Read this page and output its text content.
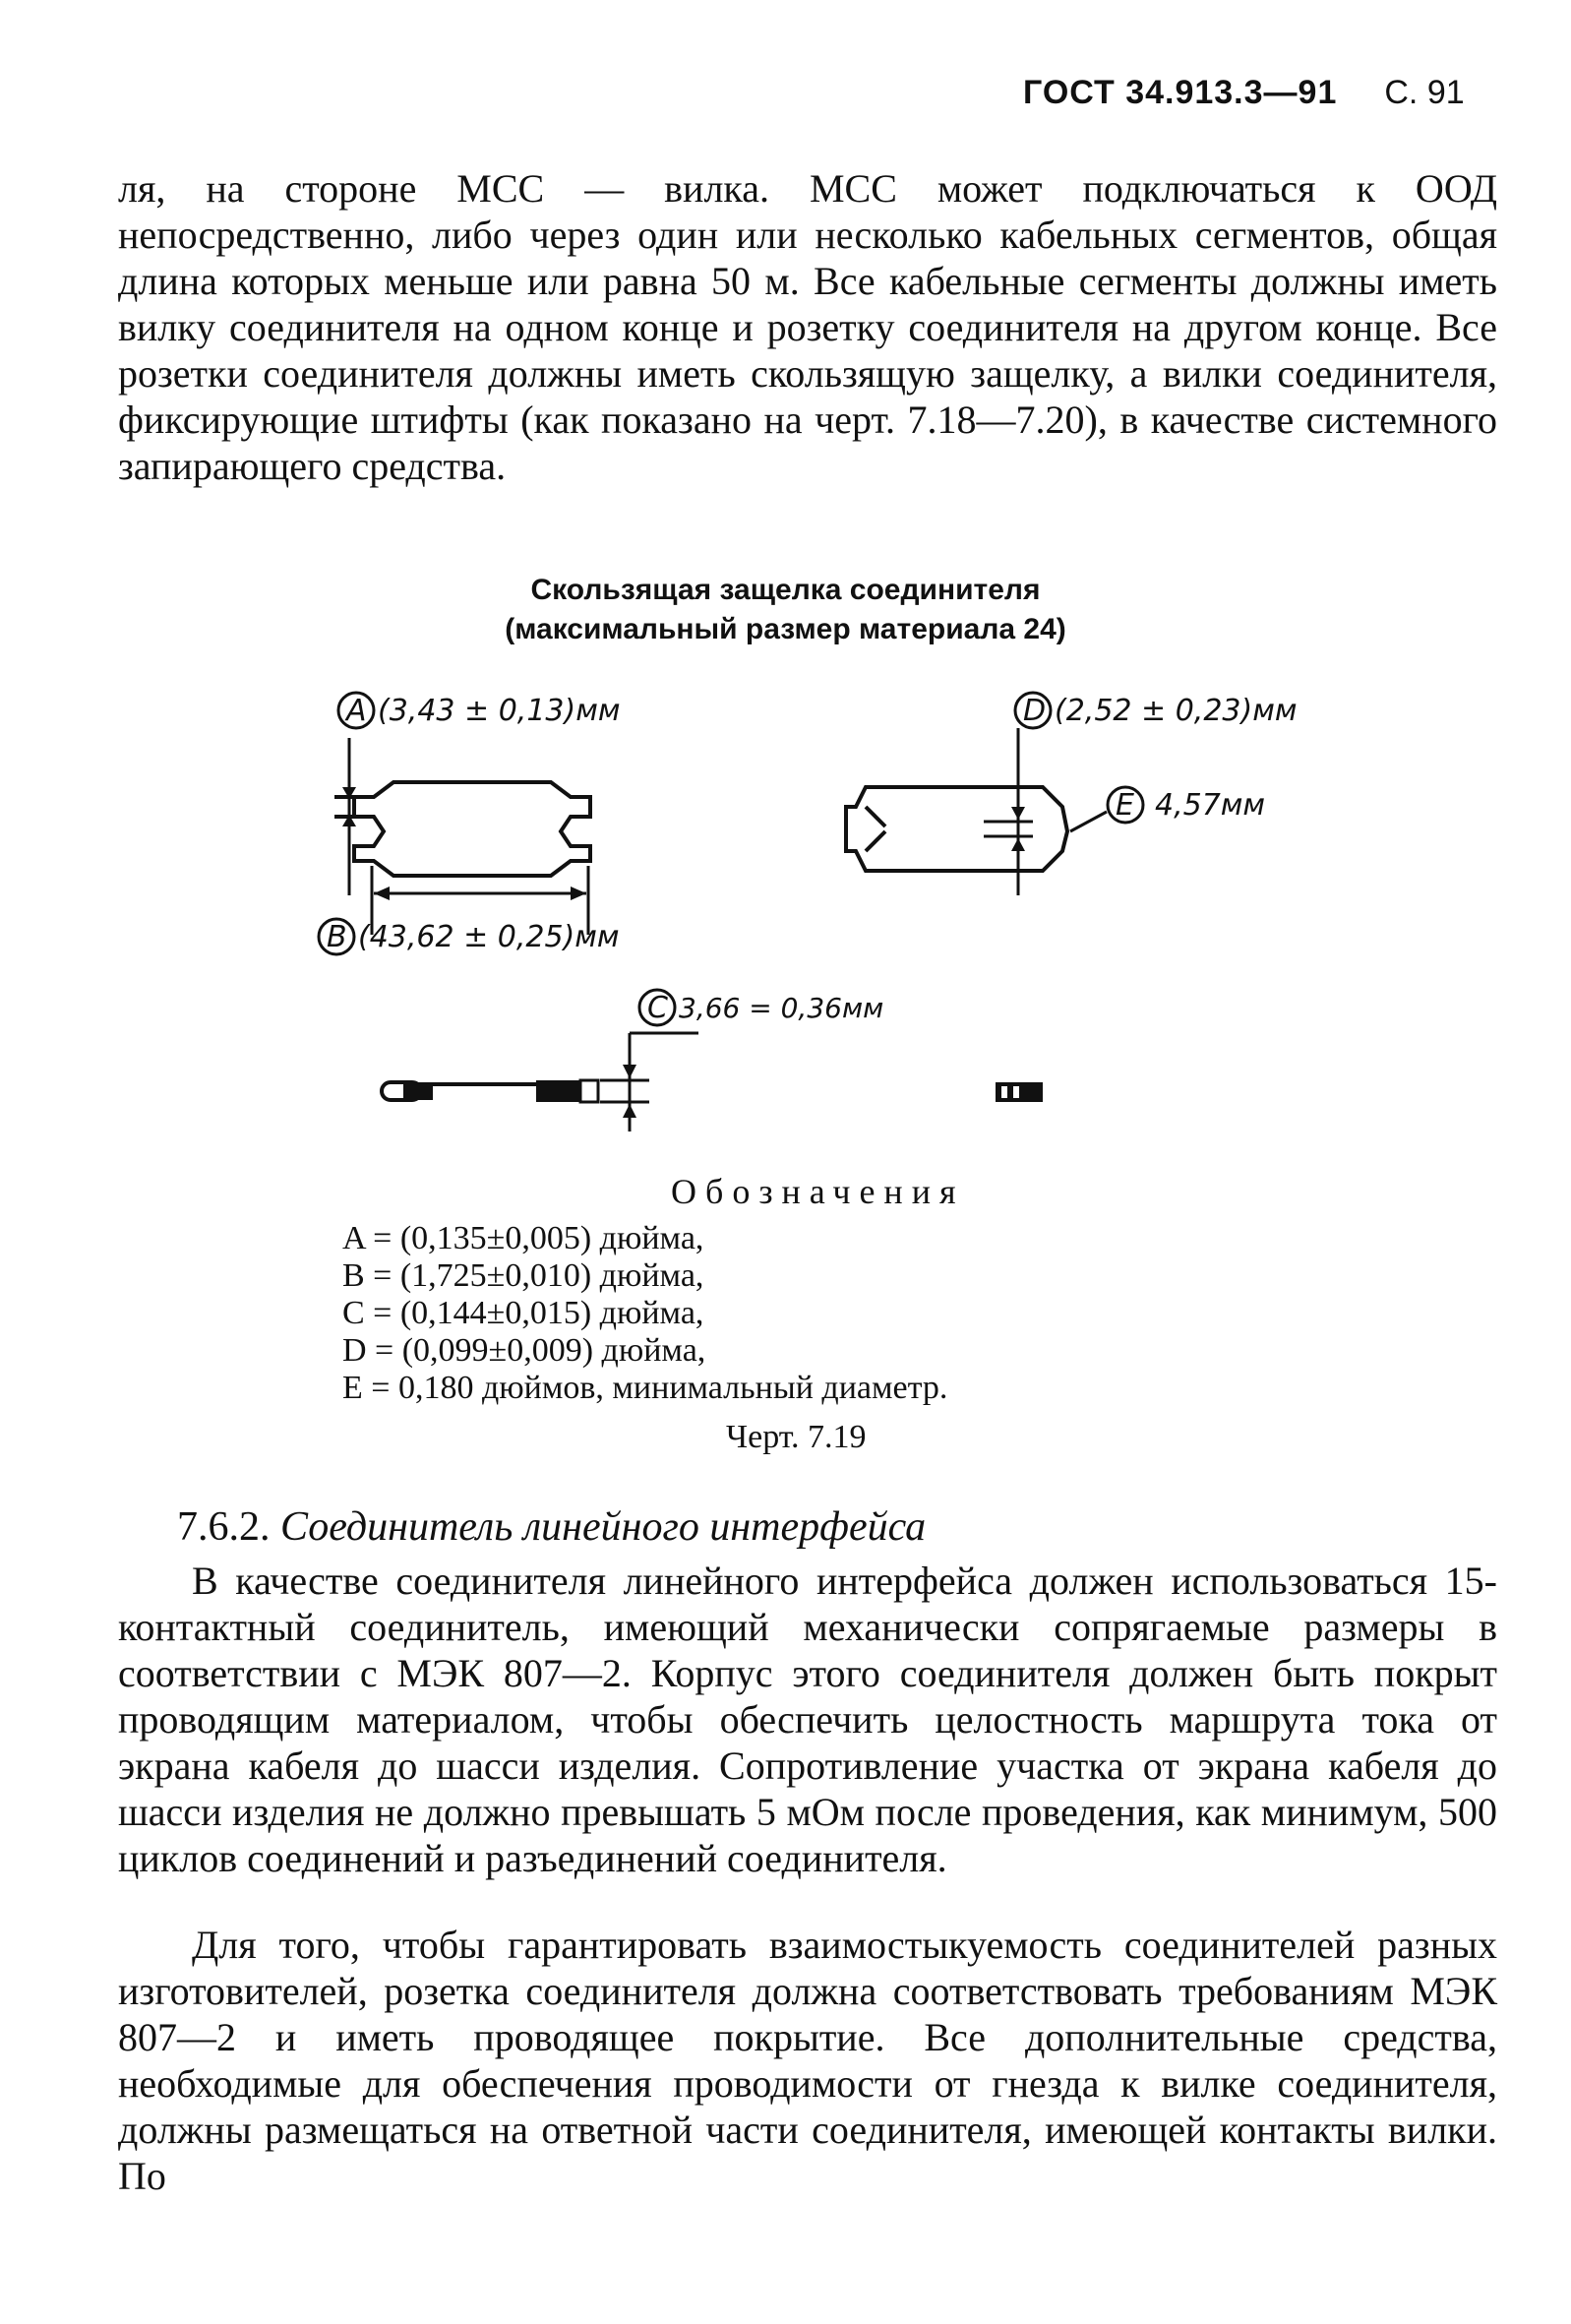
ГОСТ 34.913.3—91 С. 91

ля, на стороне МСС — вилка. МСС может подключаться к ООД непосредственно, либо через один или несколько кабельных сегментов, общая длина которых меньше или равна 50 м. Все кабельные сегменты должны иметь вилку соединителя на одном конце и розетку соединителя на другом конце. Все розетки соединителя должны иметь скользящую защелку, а вилки соединителя, фиксирующие штифты (как показано на черт. 7.18—7.20), в качестве системного запирающего средства.

Скользящая защелка соединителя
(максимальный размер материала 24)
A (3,43 ± 0,13)мм
B (43,62 ± 0,25)мм
C 3,66 = 0,36мм
D (2,52 ± 0,23)мм
E 4,57мм
Обозначения
A = (0,135±0,005) дюйма,
B = (1,725±0,010) дюйма,
C = (0,144±0,015) дюйма,
D = (0,099±0,009) дюйма,
E = 0,180 дюймов, минимальный диаметр.
Черт. 7.19
7.6.2. Соединитель линейного интерфейса

В качестве соединителя линейного интерфейса должен использоваться 15-контактный соединитель, имеющий механически сопрягаемые размеры в соответствии с МЭК 807—2. Корпус этого соединителя должен быть покрыт проводящим материалом, чтобы обеспечить целостность маршрута тока от экрана кабеля до шасси изделия. Сопротивление участка от экрана кабеля до шасси изделия не должно превышать 5 мОм после проведения, как минимум, 500 циклов соединений и разъединений соединителя.

Для того, чтобы гарантировать взаимостыкуемость соединителей разных изготовителей, розетка соединителя должна соответствовать требованиям МЭК 807—2 и иметь проводящее покрытие. Все дополнительные средства, необходимые для обеспечения проводимости от гнезда к вилке соединителя, должны размещаться на ответной части соединителя, имеющей контакты вилки. По
